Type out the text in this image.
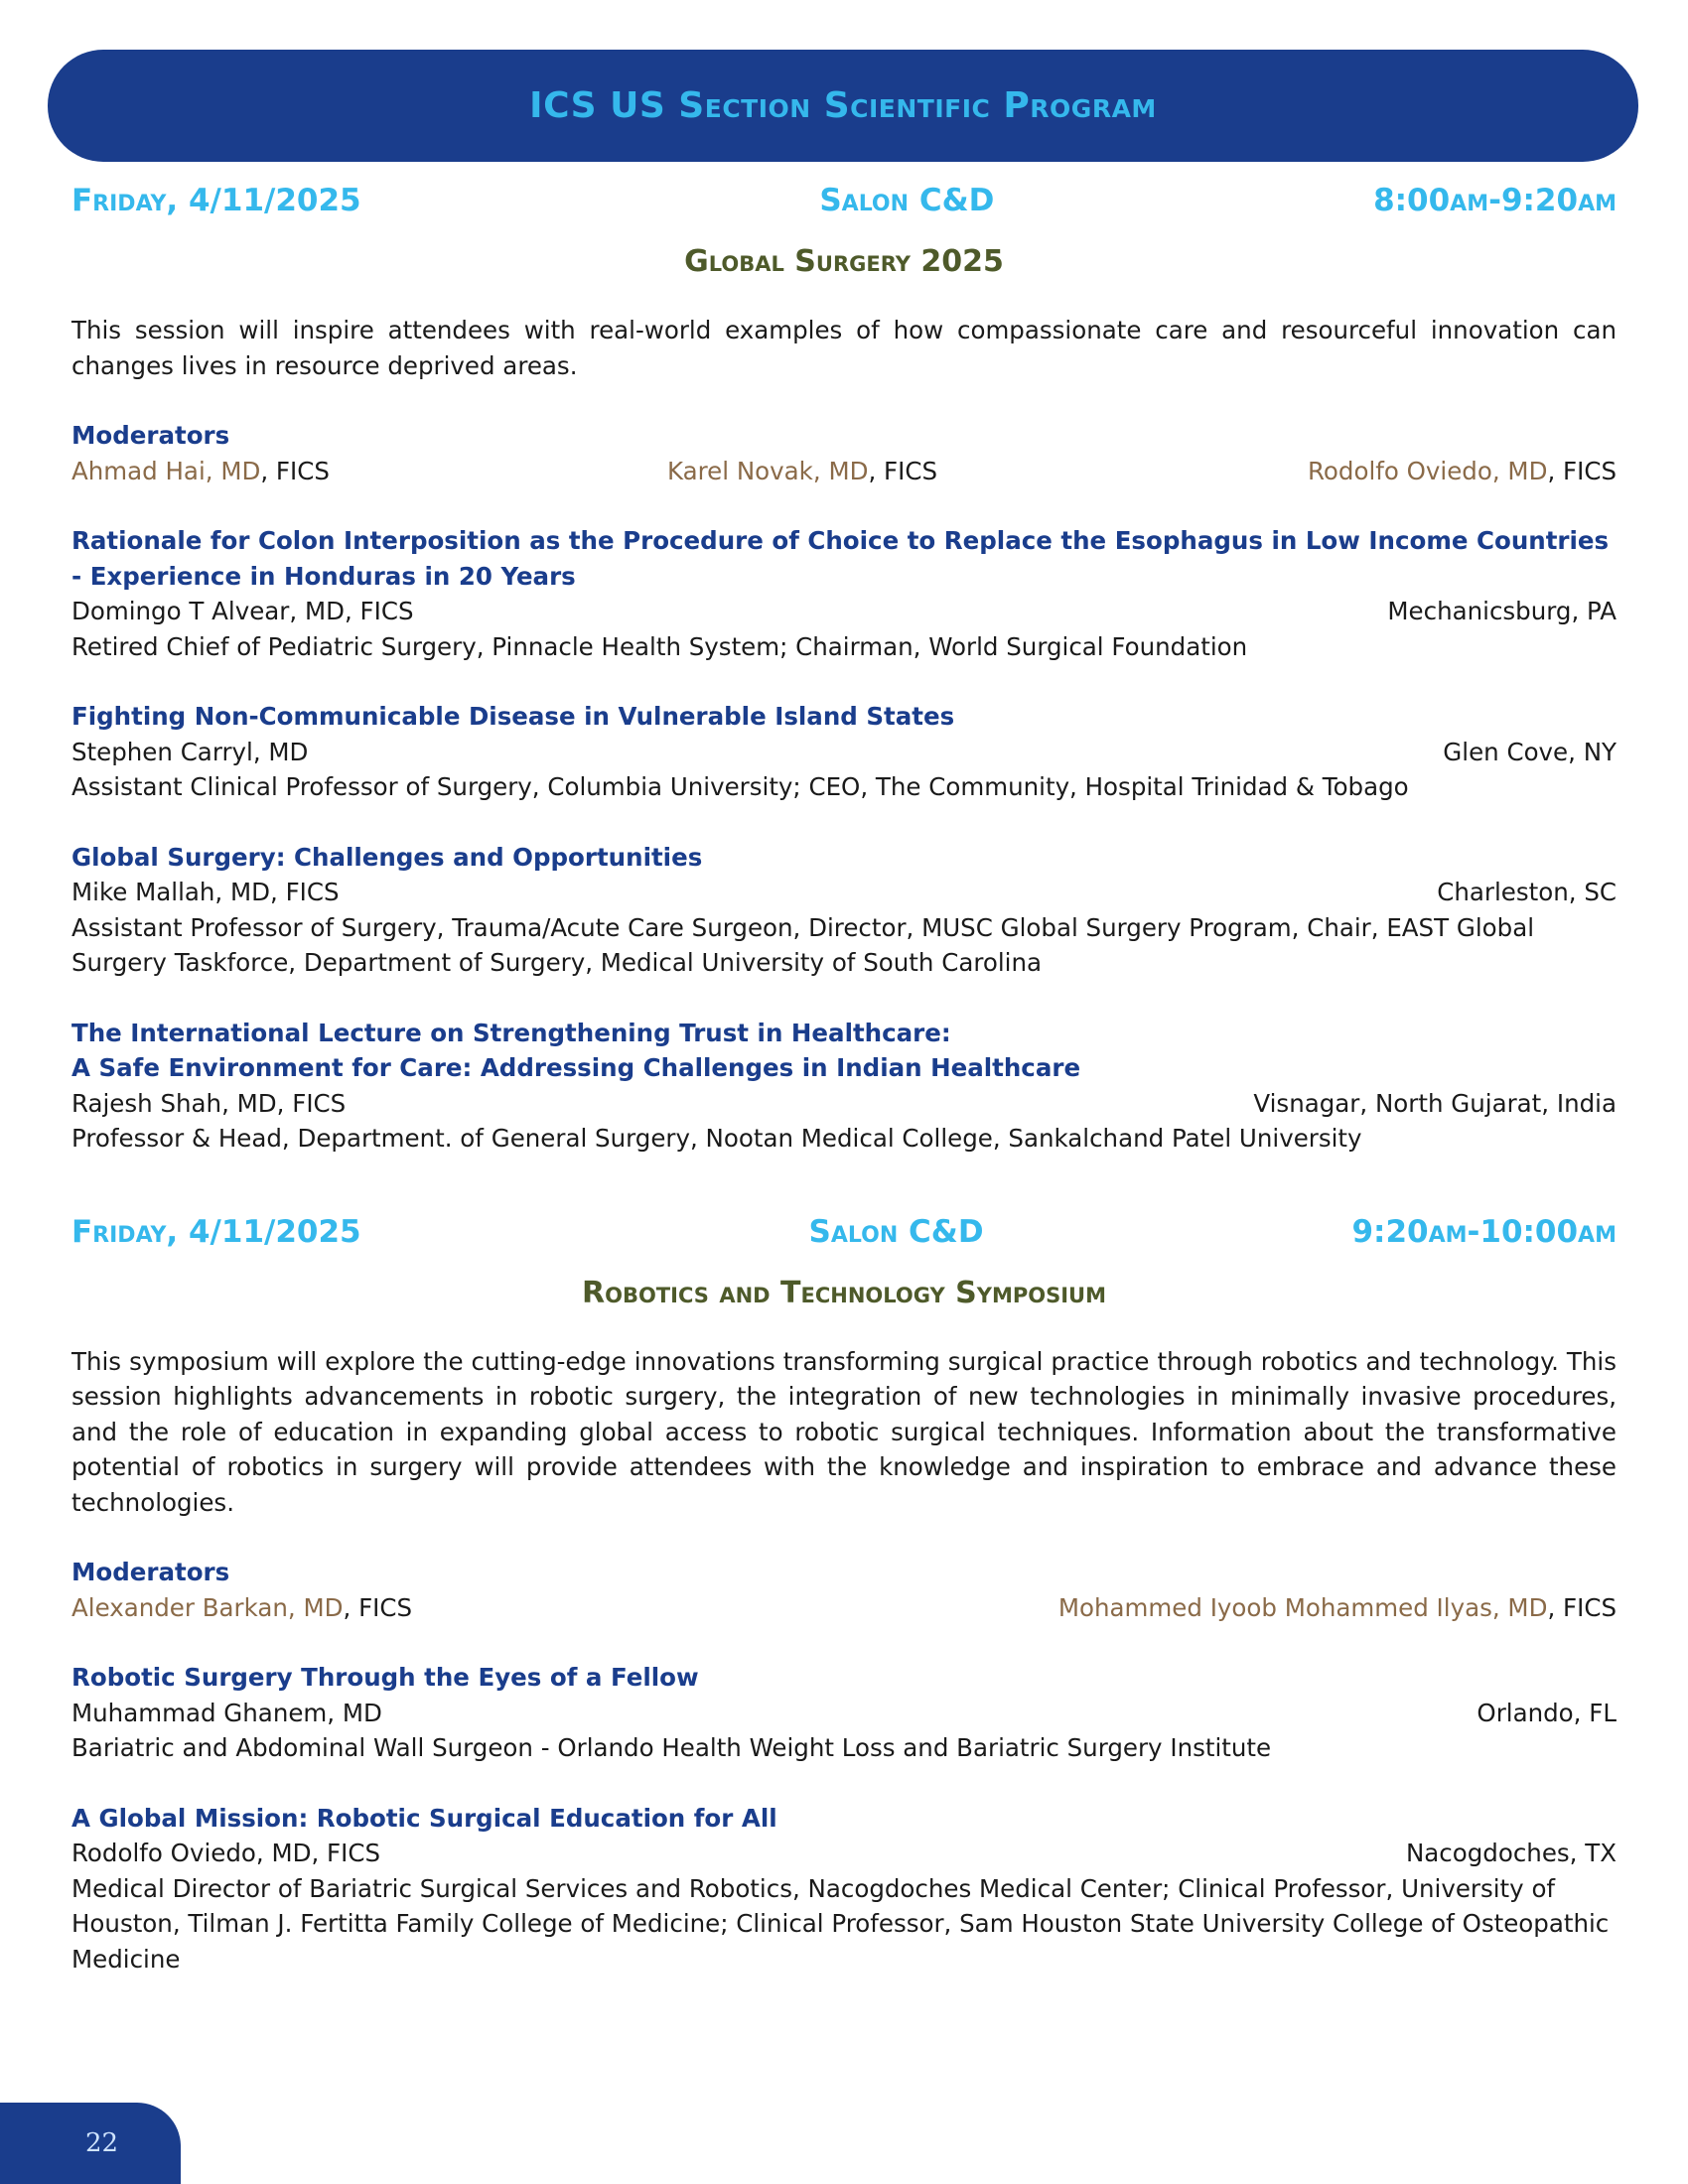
ICS US Section Scientific Program
Friday, 4/11/2025	Salon C&D	8:00am-9:20am
Global Surgery 2025
This session will inspire attendees with real-world examples of how compassionate care and resourceful innovation can changes lives in resource deprived areas.
Moderators
Ahmad Hai, MD, FICS	Karel Novak, MD, FICS	Rodolfo Oviedo, MD, FICS
Rationale for Colon Interposition as the Procedure of Choice to Replace the Esophagus in Low Income Countries - Experience in Honduras in 20 Years
Domingo T Alvear, MD, FICS	Mechanicsburg, PA
Retired Chief of Pediatric Surgery, Pinnacle Health System; Chairman, World Surgical Foundation
Fighting Non-Communicable Disease in Vulnerable Island States
Stephen Carryl, MD	Glen Cove, NY
Assistant Clinical Professor of Surgery, Columbia University; CEO, The Community, Hospital Trinidad & Tobago
Global Surgery: Challenges and Opportunities
Mike Mallah, MD, FICS	Charleston, SC
Assistant Professor of Surgery, Trauma/Acute Care Surgeon, Director, MUSC Global Surgery Program, Chair, EAST Global Surgery Taskforce, Department of Surgery, Medical University of South Carolina
The International Lecture on Strengthening Trust in Healthcare:
A Safe Environment for Care: Addressing Challenges in Indian Healthcare
Rajesh Shah, MD, FICS	Visnagar, North Gujarat, India
Professor & Head, Department. of General Surgery, Nootan Medical College, Sankalchand Patel University
Friday, 4/11/2025	Salon C&D	9:20am-10:00am
Robotics and Technology Symposium
This symposium will explore the cutting-edge innovations transforming surgical practice through robotics and technology. This session highlights advancements in robotic surgery, the integration of new technologies in minimally invasive procedures, and the role of education in expanding global access to robotic surgical techniques. Information about the transformative potential of robotics in surgery will provide attendees with the knowledge and inspiration to embrace and advance these technologies.
Moderators
Alexander Barkan, MD, FICS	Mohammed Iyoob Mohammed Ilyas, MD, FICS
Robotic Surgery Through the Eyes of a Fellow
Muhammad Ghanem, MD	Orlando, FL
Bariatric and Abdominal Wall Surgeon - Orlando Health Weight Loss and Bariatric Surgery Institute
A Global Mission: Robotic Surgical Education for All
Rodolfo Oviedo, MD, FICS	Nacogdoches, TX
Medical Director of Bariatric Surgical Services and Robotics, Nacogdoches Medical Center; Clinical Professor, University of Houston, Tilman J. Fertitta Family College of Medicine; Clinical Professor, Sam Houston State University College of Osteopathic Medicine
22
